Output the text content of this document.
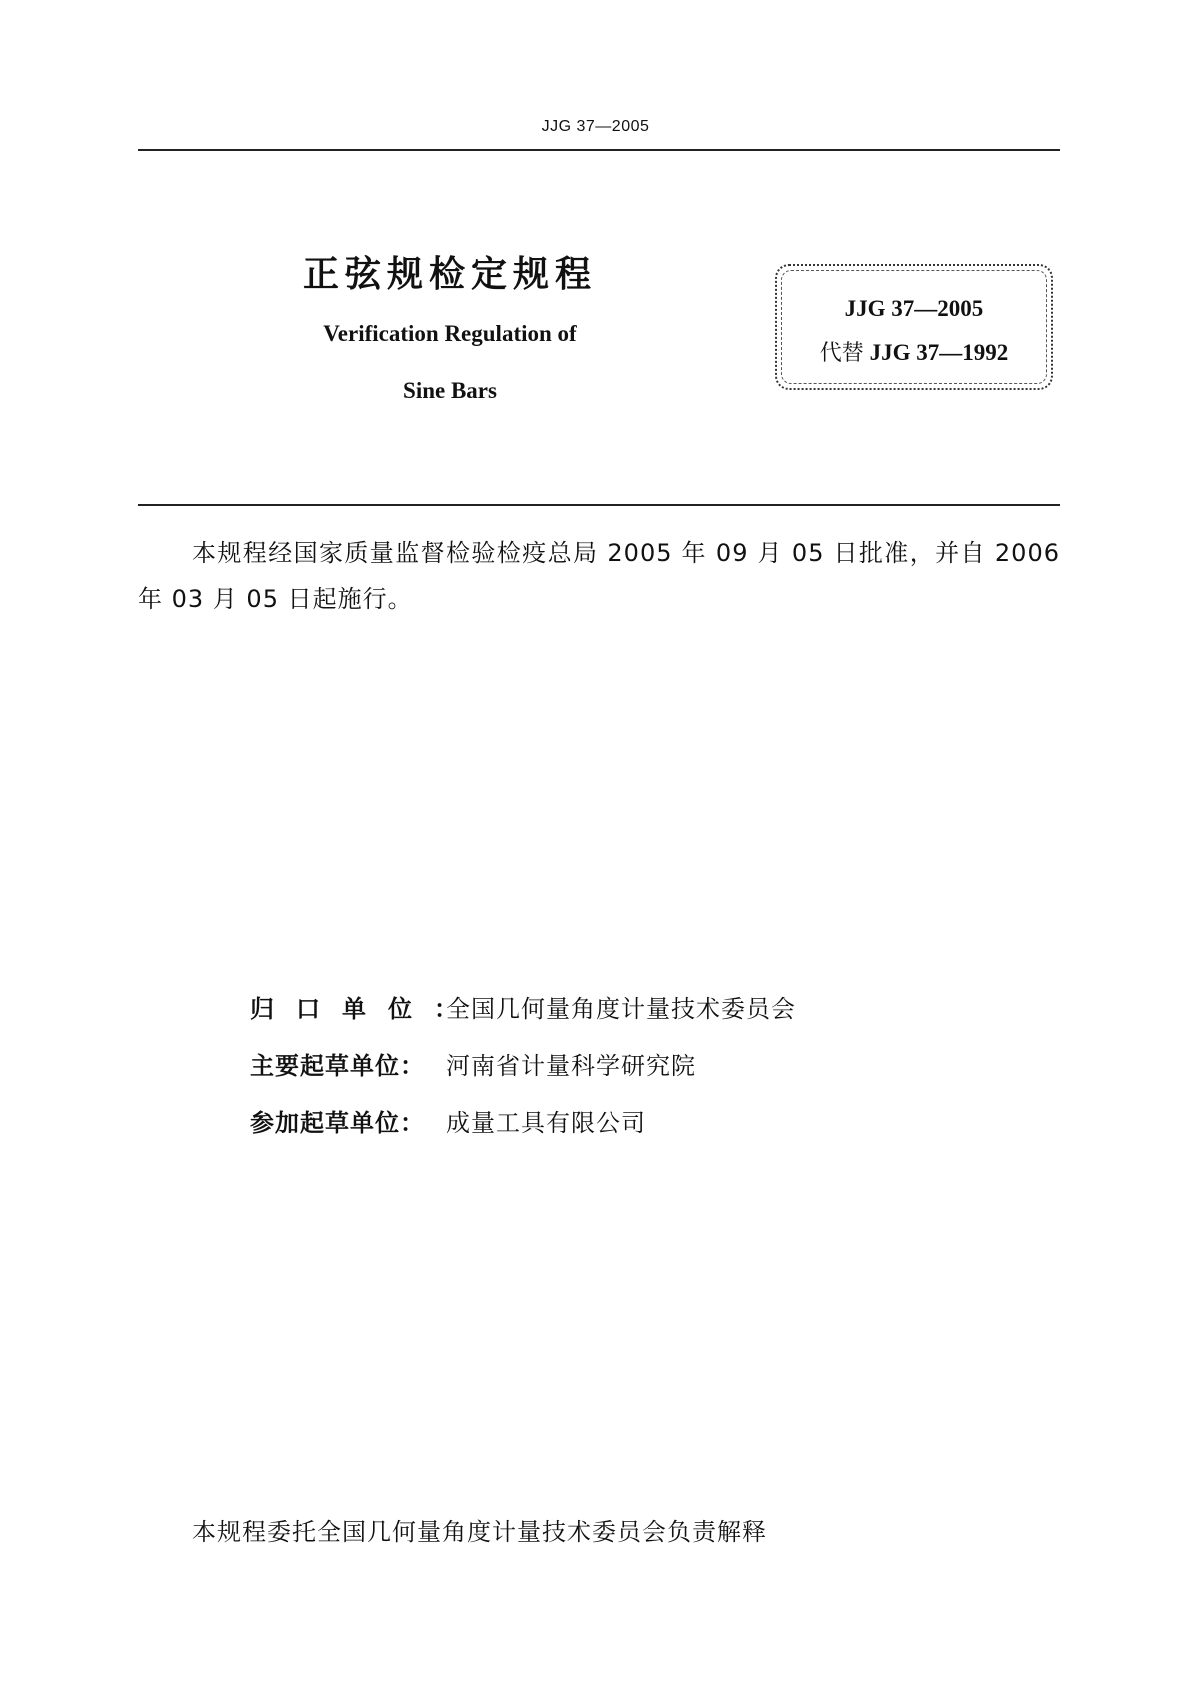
JJG 37—2005
正弦规检定规程
Verification Regulation of
Sine Bars
JJG 37—2005
代替 JJG 37—1992
本规程经国家质量监督检验检疫总局 2005 年 09 月 05 日批准，并自 2006 年 03 月 05 日起施行。
归口单位：
全国几何量角度计量技术委员会
主要起草单位： 河南省计量科学研究院
参加起草单位： 成量工具有限公司
本规程委托全国几何量角度计量技术委员会负责解释
